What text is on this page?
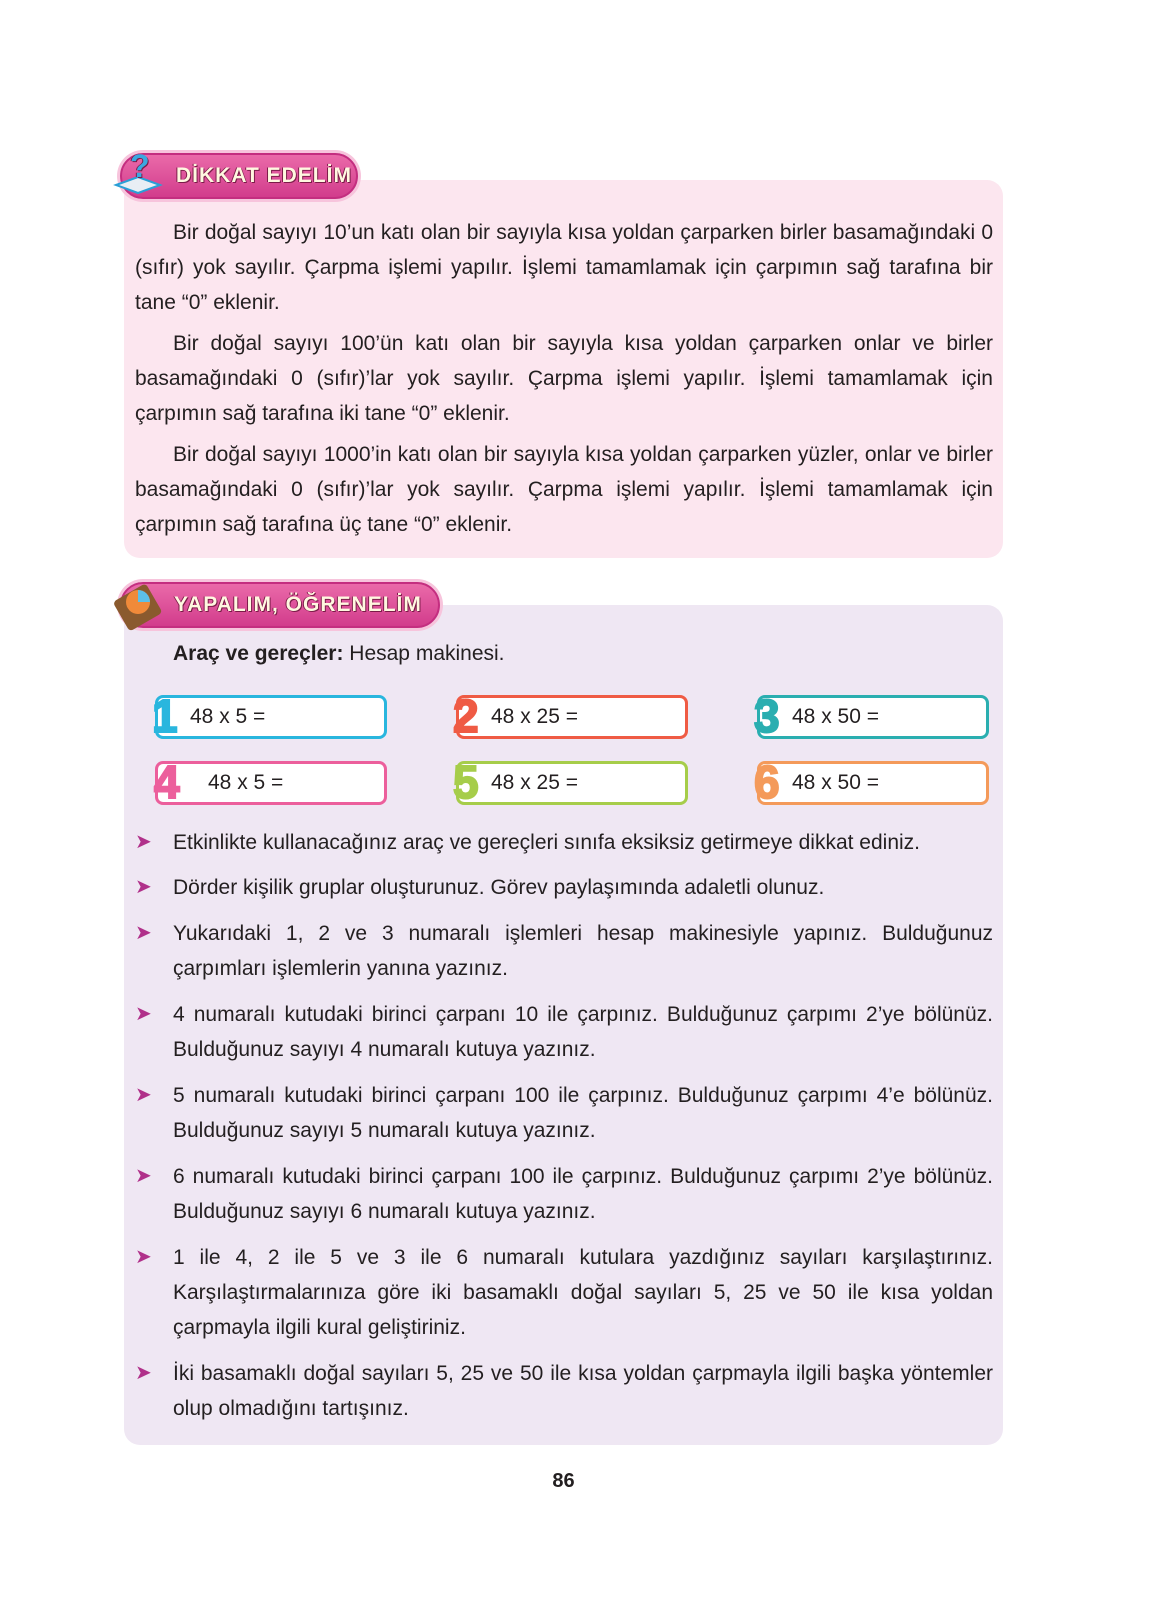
? DİKKAT EDELİM
Bir doğal sayıyı 10’un katı olan bir sayıyla kısa yoldan çarparken birler basamağındaki 0 (sıfır) yok sayılır. Çarpma işlemi yapılır. İşlemi tamamlamak için çarpımın sağ tarafına bir tane “0” eklenir.
Bir doğal sayıyı 100’ün katı olan bir sayıyla kısa yoldan çarparken onlar ve birler basamağındaki 0 (sıfır)’lar yok sayılır. Çarpma işlemi yapılır. İşlemi tamamlamak için çarpımın sağ tarafına iki tane “0” eklenir.
Bir doğal sayıyı 1000’in katı olan bir sayıyla kısa yoldan çarparken yüzler, onlar ve birler basamağındaki 0 (sıfır)’lar yok sayılır. Çarpma işlemi yapılır. İşlemi tamamlamak için çarpımın sağ tarafına üç tane “0” eklenir.
YAPALIM, ÖĞRENELİM
Araç ve gereçler: Hesap makinesi.
1 48 x 5 =	2 48 x 25 =	3 48 x 50 =
4 48 x 5 =	5 48 x 25 =	6 48 x 50 =
➤ Etkinlikte kullanacağınız araç ve gereçleri sınıfa eksiksiz getirmeye dikkat ediniz.
➤ Dörder kişilik gruplar oluşturunuz. Görev paylaşımında adaletli olunuz.
➤ Yukarıdaki 1, 2 ve 3 numaralı işlemleri hesap makinesiyle yapınız. Bulduğunuz çarpımları işlemlerin yanına yazınız.
➤ 4 numaralı kutudaki birinci çarpanı 10 ile çarpınız. Bulduğunuz çarpımı 2’ye bölünüz. Bulduğunuz sayıyı 4 numaralı kutuya yazınız.
➤ 5 numaralı kutudaki birinci çarpanı 100 ile çarpınız. Bulduğunuz çarpımı 4’e bölünüz. Bulduğunuz sayıyı 5 numaralı kutuya yazınız.
➤ 6 numaralı kutudaki birinci çarpanı 100 ile çarpınız. Bulduğunuz çarpımı 2’ye bölünüz. Bulduğunuz sayıyı 6 numaralı kutuya yazınız.
➤ 1 ile 4, 2 ile 5 ve 3 ile 6 numaralı kutulara yazdığınız sayıları karşılaştırınız. Karşılaştırmalarınıza göre iki basamaklı doğal sayıları 5, 25 ve 50 ile kısa yoldan çarpmayla ilgili kural geliştiriniz.
➤ İki basamaklı doğal sayıları 5, 25 ve 50 ile kısa yoldan çarpmayla ilgili başka yöntemler olup olmadığını tartışınız.
86
